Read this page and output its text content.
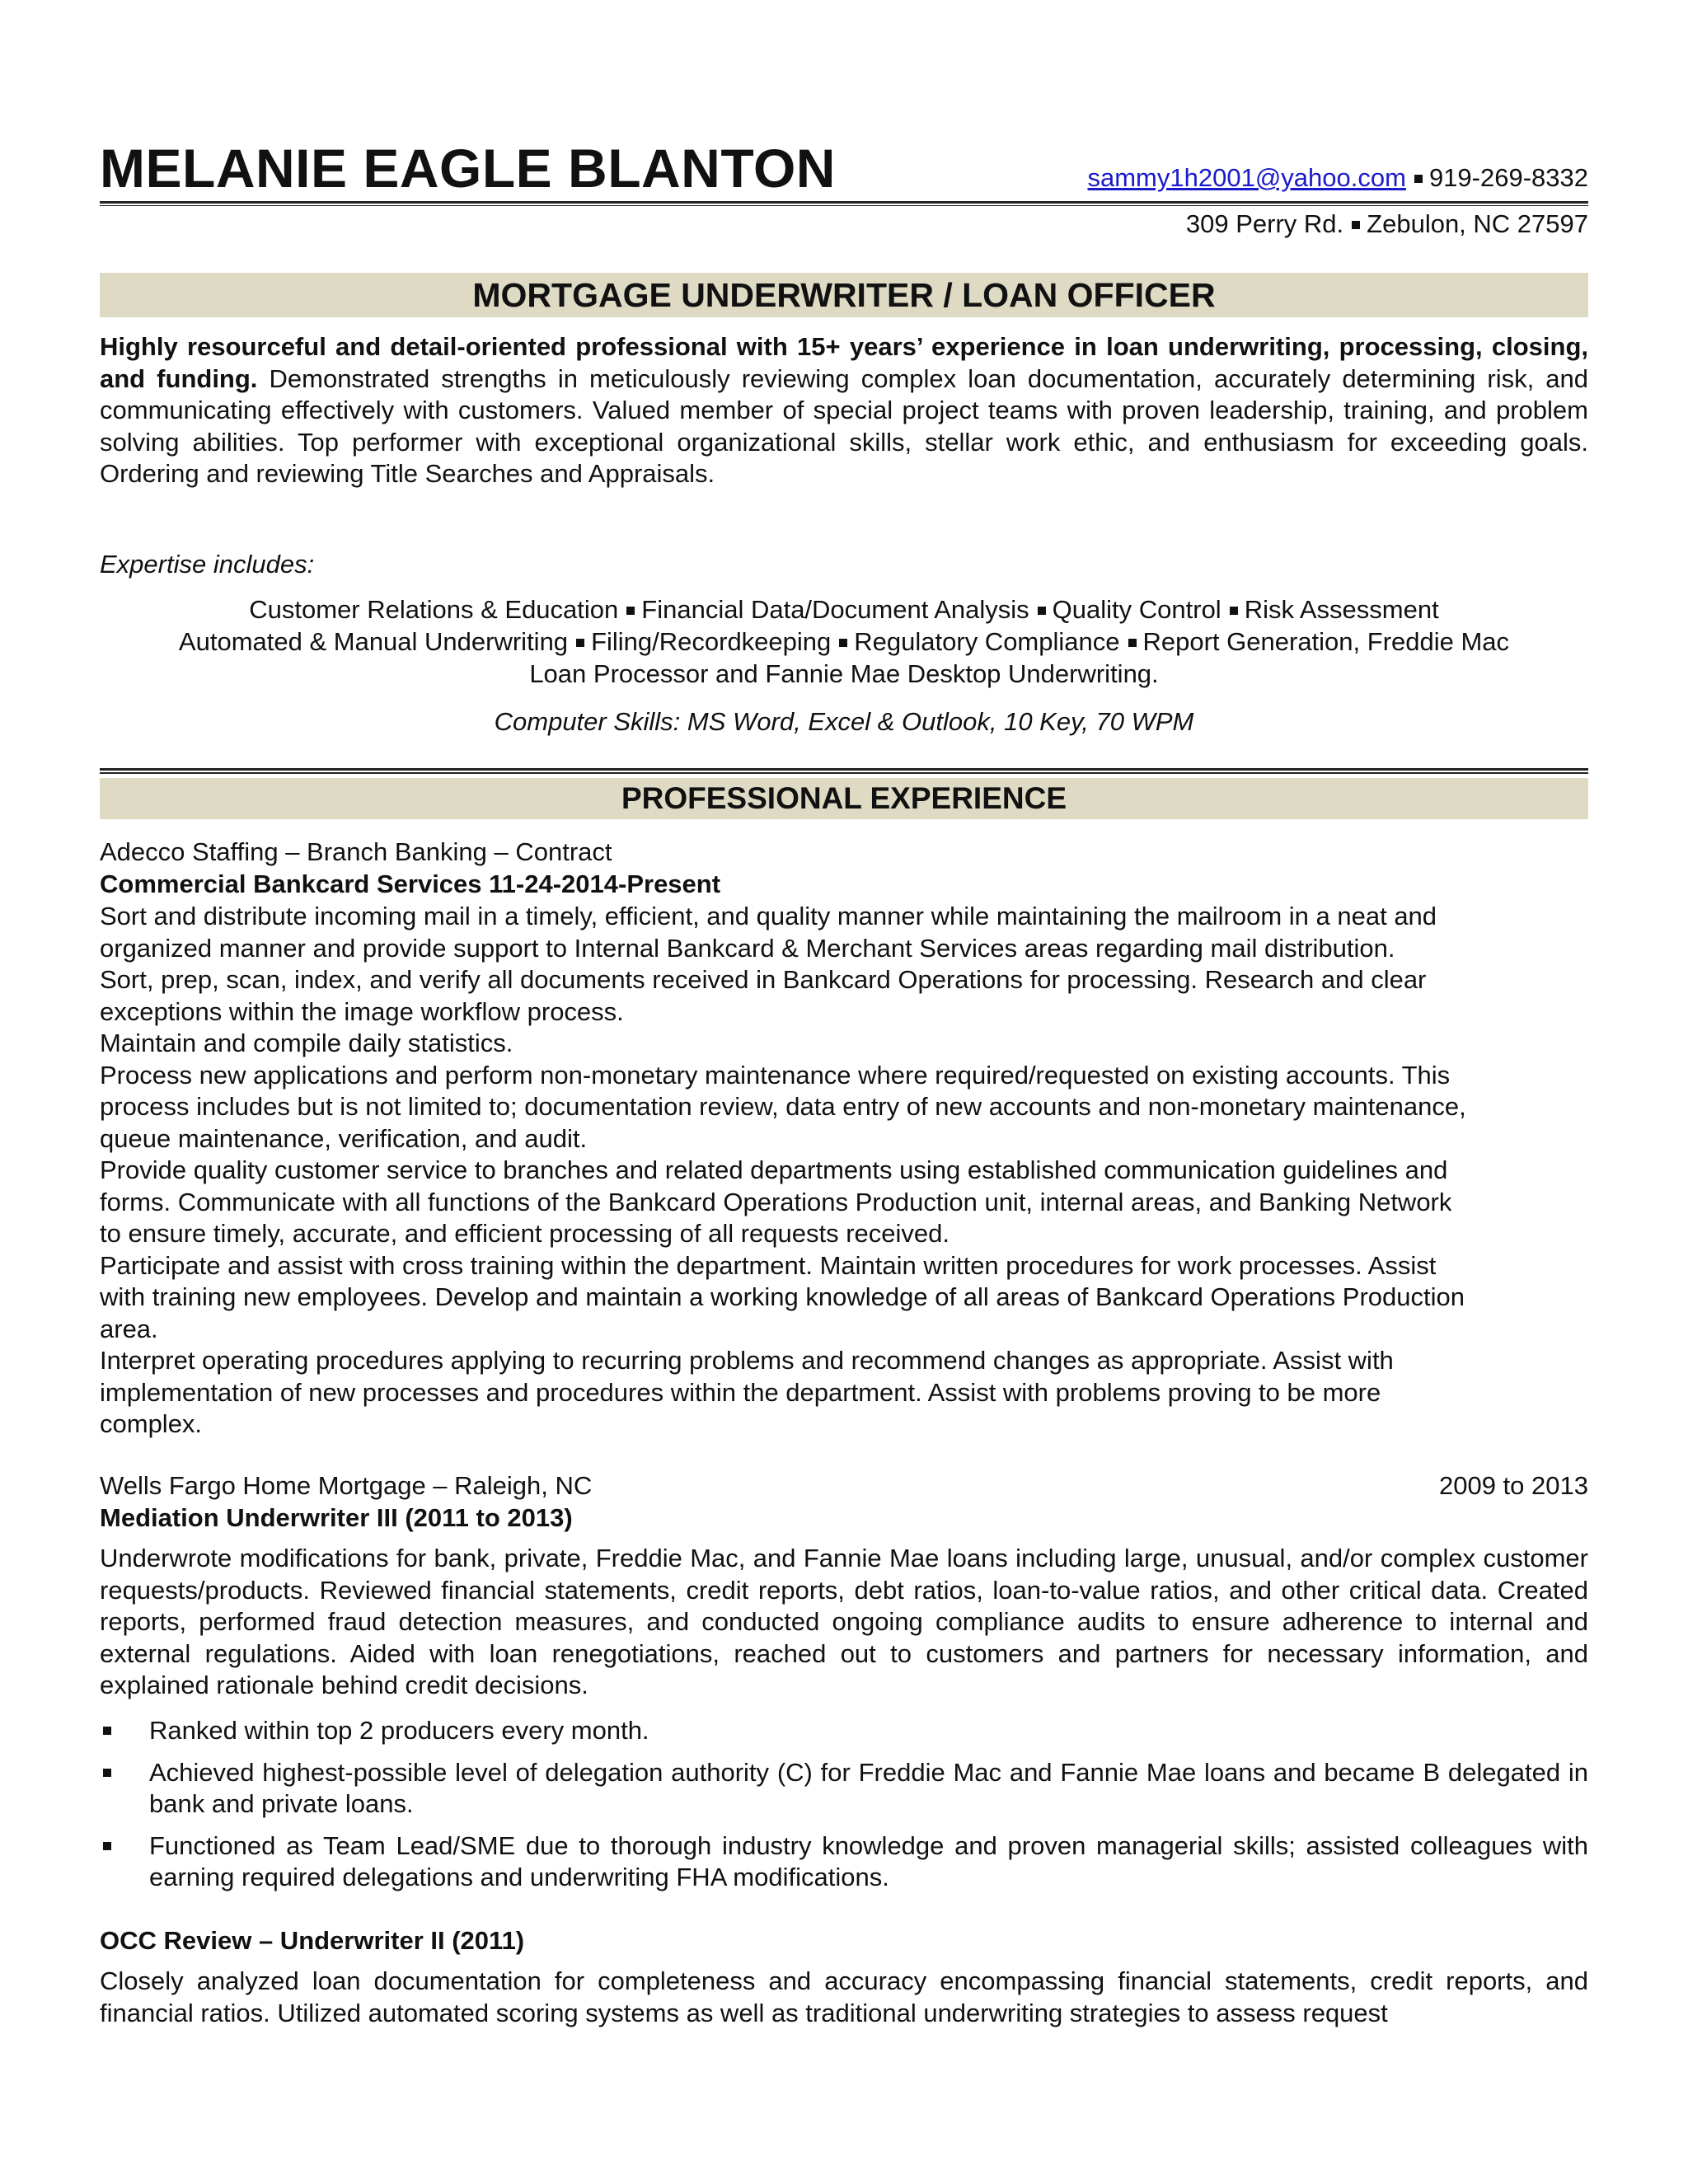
MELANIE EAGLE BLANTON	sammy1h2001@yahoo.com 919-269-8332
309 Perry Rd. Zebulon, NC 27597
MORTGAGE UNDERWRITER / LOAN OFFICER
Highly resourceful and detail-oriented professional with 15+ years’ experience in loan underwriting, processing, closing, and funding. Demonstrated strengths in meticulously reviewing complex loan documentation, accurately determining risk, and communicating effectively with customers. Valued member of special project teams with proven leadership, training, and problem solving abilities. Top performer with exceptional organizational skills, stellar work ethic, and enthusiasm for exceeding goals. Ordering and reviewing Title Searches and Appraisals.
Expertise includes:
Customer Relations & Education Financial Data/Document Analysis Quality Control Risk Assessment
Automated & Manual Underwriting Filing/Recordkeeping Regulatory Compliance Report Generation, Freddie Mac
Loan Processor and Fannie Mae Desktop Underwriting.
Computer Skills: MS Word, Excel & Outlook, 10 Key, 70 WPM
PROFESSIONAL EXPERIENCE
Adecco Staffing – Branch Banking – Contract
Commercial Bankcard Services 11-24-2014-Present
Sort and distribute incoming mail in a timely, efficient, and quality manner while maintaining the mailroom in a neat and
organized manner and provide support to Internal Bankcard & Merchant Services areas regarding mail distribution.
Sort, prep, scan, index, and verify all documents received in Bankcard Operations for processing. Research and clear
exceptions within the image workflow process.
Maintain and compile daily statistics.
Process new applications and perform non-monetary maintenance where required/requested on existing accounts. This
process includes but is not limited to; documentation review, data entry of new accounts and non-monetary maintenance,
queue maintenance, verification, and audit.
Provide quality customer service to branches and related departments using established communication guidelines and
forms. Communicate with all functions of the Bankcard Operations Production unit, internal areas, and Banking Network
to ensure timely, accurate, and efficient processing of all requests received.
Participate and assist with cross training within the department. Maintain written procedures for work processes. Assist
with training new employees. Develop and maintain a working knowledge of all areas of Bankcard Operations Production
area.
Interpret operating procedures applying to recurring problems and recommend changes as appropriate. Assist with
implementation of new processes and procedures within the department. Assist with problems proving to be more
complex.
Wells Fargo Home Mortgage – Raleigh, NC	2009 to 2013
Mediation Underwriter III (2011 to 2013)
Underwrote modifications for bank, private, Freddie Mac, and Fannie Mae loans including large, unusual, and/or complex customer requests/products. Reviewed financial statements, credit reports, debt ratios, loan-to-value ratios, and other critical data. Created reports, performed fraud detection measures, and conducted ongoing compliance audits to ensure adherence to internal and external regulations. Aided with loan renegotiations, reached out to customers and partners for necessary information, and explained rationale behind credit decisions.
Ranked within top 2 producers every month.
Achieved highest-possible level of delegation authority (C) for Freddie Mac and Fannie Mae loans and became B delegated in bank and private loans.
Functioned as Team Lead/SME due to thorough industry knowledge and proven managerial skills; assisted colleagues with earning required delegations and underwriting FHA modifications.
OCC Review – Underwriter II (2011)
Closely analyzed loan documentation for completeness and accuracy encompassing financial statements, credit reports, and financial ratios. Utilized automated scoring systems as well as traditional underwriting strategies to assess request
